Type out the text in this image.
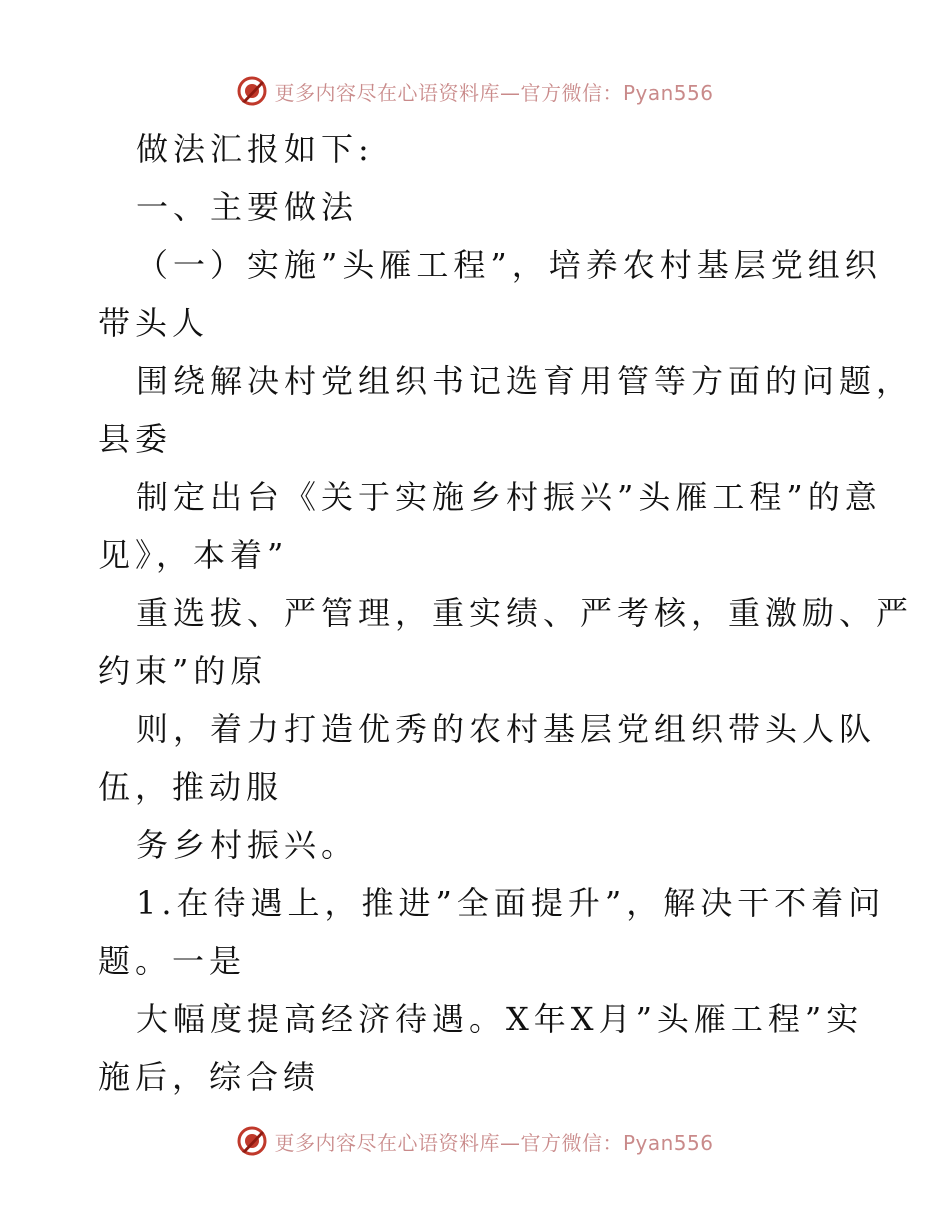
更多内容尽在心语资料库—官方微信：Pyan556
做法汇报如下:
一、主要做法
（一）实施”头雁工程”，培养农村基层党组织
带头人
围绕解决村党组织书记选育用管等方面的问题，
县委
制定出台《关于实施乡村振兴”头雁工程”的意
见》，本着”
重选拔、严管理，重实绩、严考核，重激励、严
约束”的原
则，着力打造优秀的农村基层党组织带头人队
伍，推动服
务乡村振兴。
1.在待遇上，推进”全面提升”，解决干不着问
题。一是
大幅度提高经济待遇。X年X月”头雁工程”实
施后，综合绩
更多内容尽在心语资料库—官方微信：Pyan556
